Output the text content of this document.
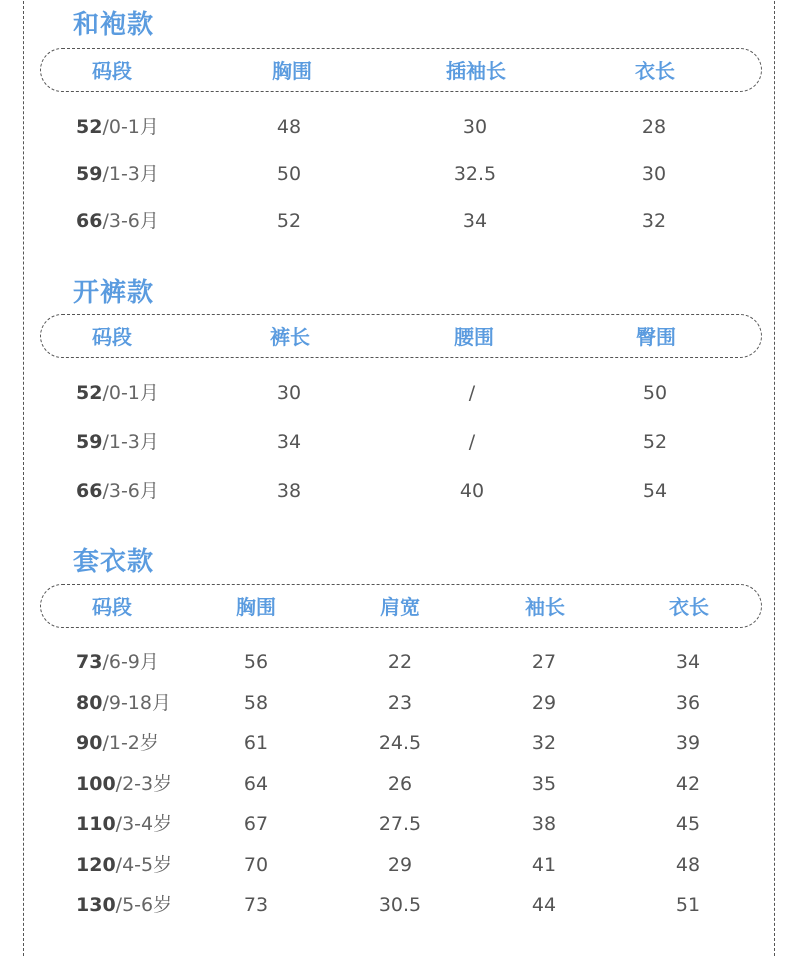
和袍款
码段	胸围	插袖长	衣长
52/0-1月	48	30	28
59/1-3月	50	32.5	30
66/3-6月	52	34	32
开裤款
码段	裤长	腰围	臀围
52/0-1月	30	/	50
59/1-3月	34	/	52
66/3-6月	38	40	54
套衣款
码段	胸围	肩宽	袖长	衣长
73/6-9月	56	22	27	34
80/9-18月	58	23	29	36
90/1-2岁	61	24.5	32	39
100/2-3岁	64	26	35	42
110/3-4岁	67	27.5	38	45
120/4-5岁	70	29	41	48
130/5-6岁	73	30.5	44	51
